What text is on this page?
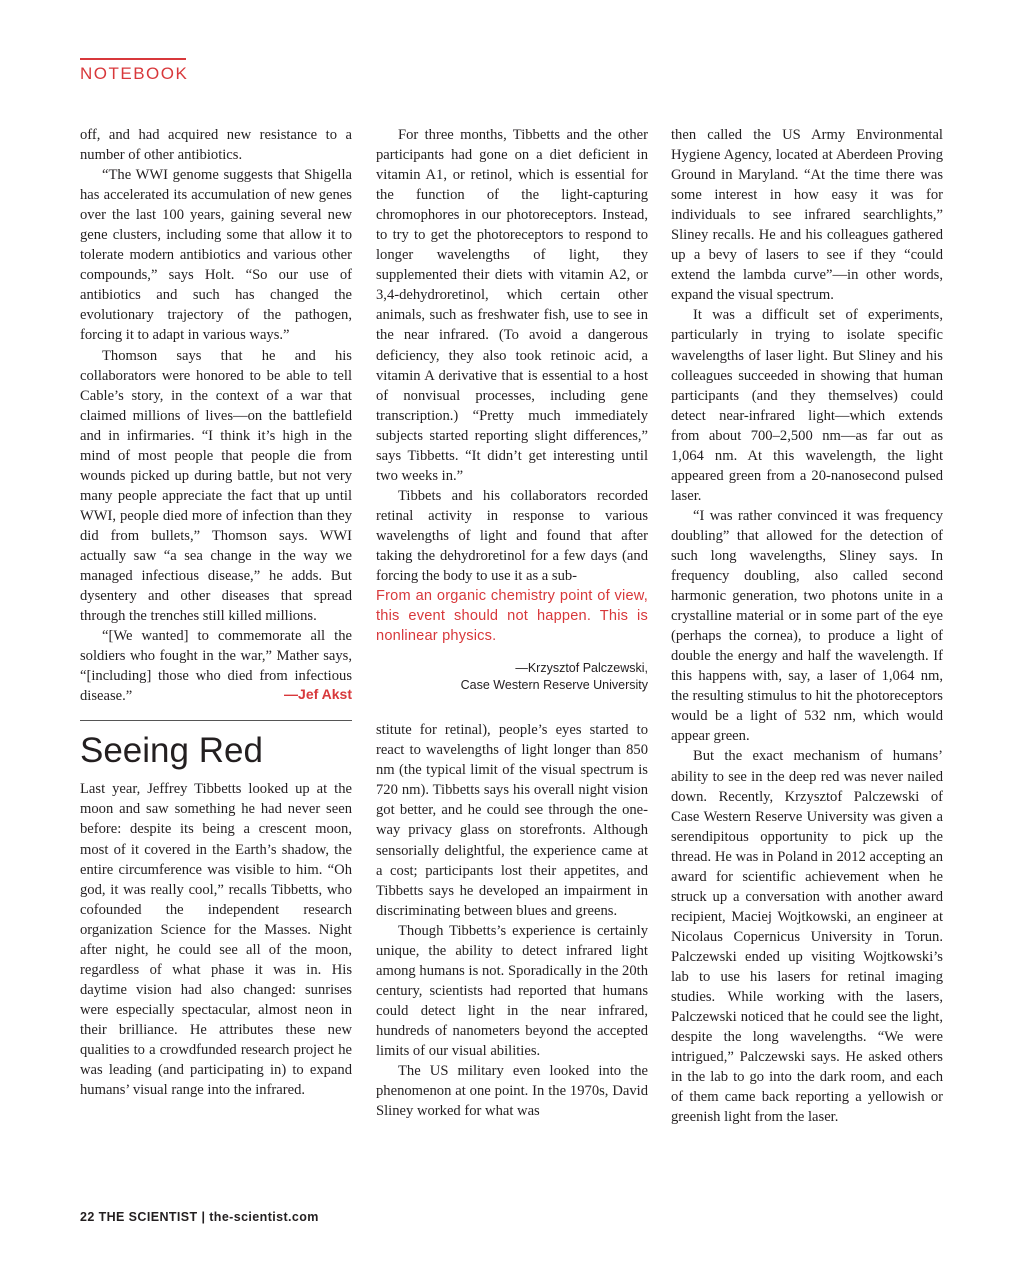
NOTEBOOK

off, and had acquired new resistance to a number of other antibiotics.

“The WWI genome suggests that Shigella has accelerated its accumulation of new genes over the last 100 years, gaining several new gene clusters, including some that allow it to tolerate modern antibiotics and various other compounds,” says Holt. “So our use of antibiotics and such has changed the evolutionary trajectory of the pathogen, forcing it to adapt in various ways.”

Thomson says that he and his collaborators were honored to be able to tell Cable’s story, in the context of a war that claimed millions of lives—on the battlefield and in infirmaries. “I think it’s high in the mind of most people that people die from wounds picked up during battle, but not very many people appreciate the fact that up until WWI, people died more of infection than they did from bullets,” Thomson says. WWI actually saw “a sea change in the way we managed infectious disease,” he adds. But dysentery and other diseases that spread through the trenches still killed millions.

“[We wanted] to commemorate all the soldiers who fought in the war,” Mather says, “[including] those who died from infectious disease.”	—Jef Akst
Seeing Red

Last year, Jeffrey Tibbetts looked up at the moon and saw something he had never seen before: despite its being a crescent moon, most of it covered in the Earth’s shadow, the entire circumference was visible to him. “Oh god, it was really cool,” recalls Tibbetts, who cofounded the independent research organization Science for the Masses. Night after night, he could see all of the moon, regardless of what phase it was in. His daytime vision had also changed: sunrises were especially spectacular, almost neon in their brilliance. He attributes these new qualities to a crowdfunded research project he was leading (and participating in) to expand humans’ visual range into the infrared.

For three months, Tibbetts and the other participants had gone on a diet deficient in vitamin A1, or retinol, which is essential for the function of the light-capturing chromophores in our photoreceptors. Instead, to try to get the photoreceptors to respond to longer wavelengths of light, they supplemented their diets with vitamin A2, or 3,4-dehydroretinol, which certain other animals, such as freshwater fish, use to see in the near infrared. (To avoid a dangerous deficiency, they also took retinoic acid, a vitamin A derivative that is essential to a host of nonvisual processes, including gene transcription.) “Pretty much immediately subjects started reporting slight differences,” says Tibbetts. “It didn’t get interesting until two weeks in.”

Tibbets and his collaborators recorded retinal activity in response to various wavelengths of light and found that after taking the dehydroretinol for a few days (and forcing the body to use it as a sub-

From an organic chemistry point of view, this event should not happen. This is nonlinear physics.

—Krzysztof Palczewski,
Case Western Reserve University

stitute for retinal), people’s eyes started to react to wavelengths of light longer than 850 nm (the typical limit of the visual spectrum is 720 nm). Tibbetts says his overall night vision got better, and he could see through the one-way privacy glass on storefronts. Although sensorially delightful, the experience came at a cost; participants lost their appetites, and Tibbetts says he developed an impairment in discriminating between blues and greens.

Though Tibbetts’s experience is certainly unique, the ability to detect infrared light among humans is not. Sporadically in the 20th century, scientists had reported that humans could detect light in the near infrared, hundreds of nanometers beyond the accepted limits of our visual abilities.

The US military even looked into the phenomenon at one point. In the 1970s, David Sliney worked for what was

then called the US Army Environmental Hygiene Agency, located at Aberdeen Proving Ground in Maryland. “At the time there was some interest in how easy it was for individuals to see infrared searchlights,” Sliney recalls. He and his colleagues gathered up a bevy of lasers to see if they “could extend the lambda curve”—in other words, expand the visual spectrum.

It was a difficult set of experiments, particularly in trying to isolate specific wavelengths of laser light. But Sliney and his colleagues succeeded in showing that human participants (and they themselves) could detect near-infrared light—which extends from about 700–2,500 nm—as far out as 1,064 nm. At this wavelength, the light appeared green from a 20-nanosecond pulsed laser.

“I was rather convinced it was frequency doubling” that allowed for the detection of such long wavelengths, Sliney says. In frequency doubling, also called second harmonic generation, two photons unite in a crystalline material or in some part of the eye (perhaps the cornea), to produce a light of double the energy and half the wavelength. If this happens with, say, a laser of 1,064 nm, the resulting stimulus to hit the photoreceptors would be a light of 532 nm, which would appear green.

But the exact mechanism of humans’ ability to see in the deep red was never nailed down. Recently, Krzysztof Palczewski of Case Western Reserve University was given a serendipitous opportunity to pick up the thread. He was in Poland in 2012 accepting an award for scientific achievement when he struck up a conversation with another award recipient, Maciej Wojtkowski, an engineer at Nicolaus Copernicus University in Torun. Palczewski ended up visiting Wojtkowski’s lab to use his lasers for retinal imaging studies. While working with the lasers, Palczewski noticed that he could see the light, despite the long wavelengths. “We were intrigued,” Palczewski says. He asked others in the lab to go into the dark room, and each of them came back reporting a yellowish or greenish light from the laser.

22 THE SCIENTIST | the-scientist.com
